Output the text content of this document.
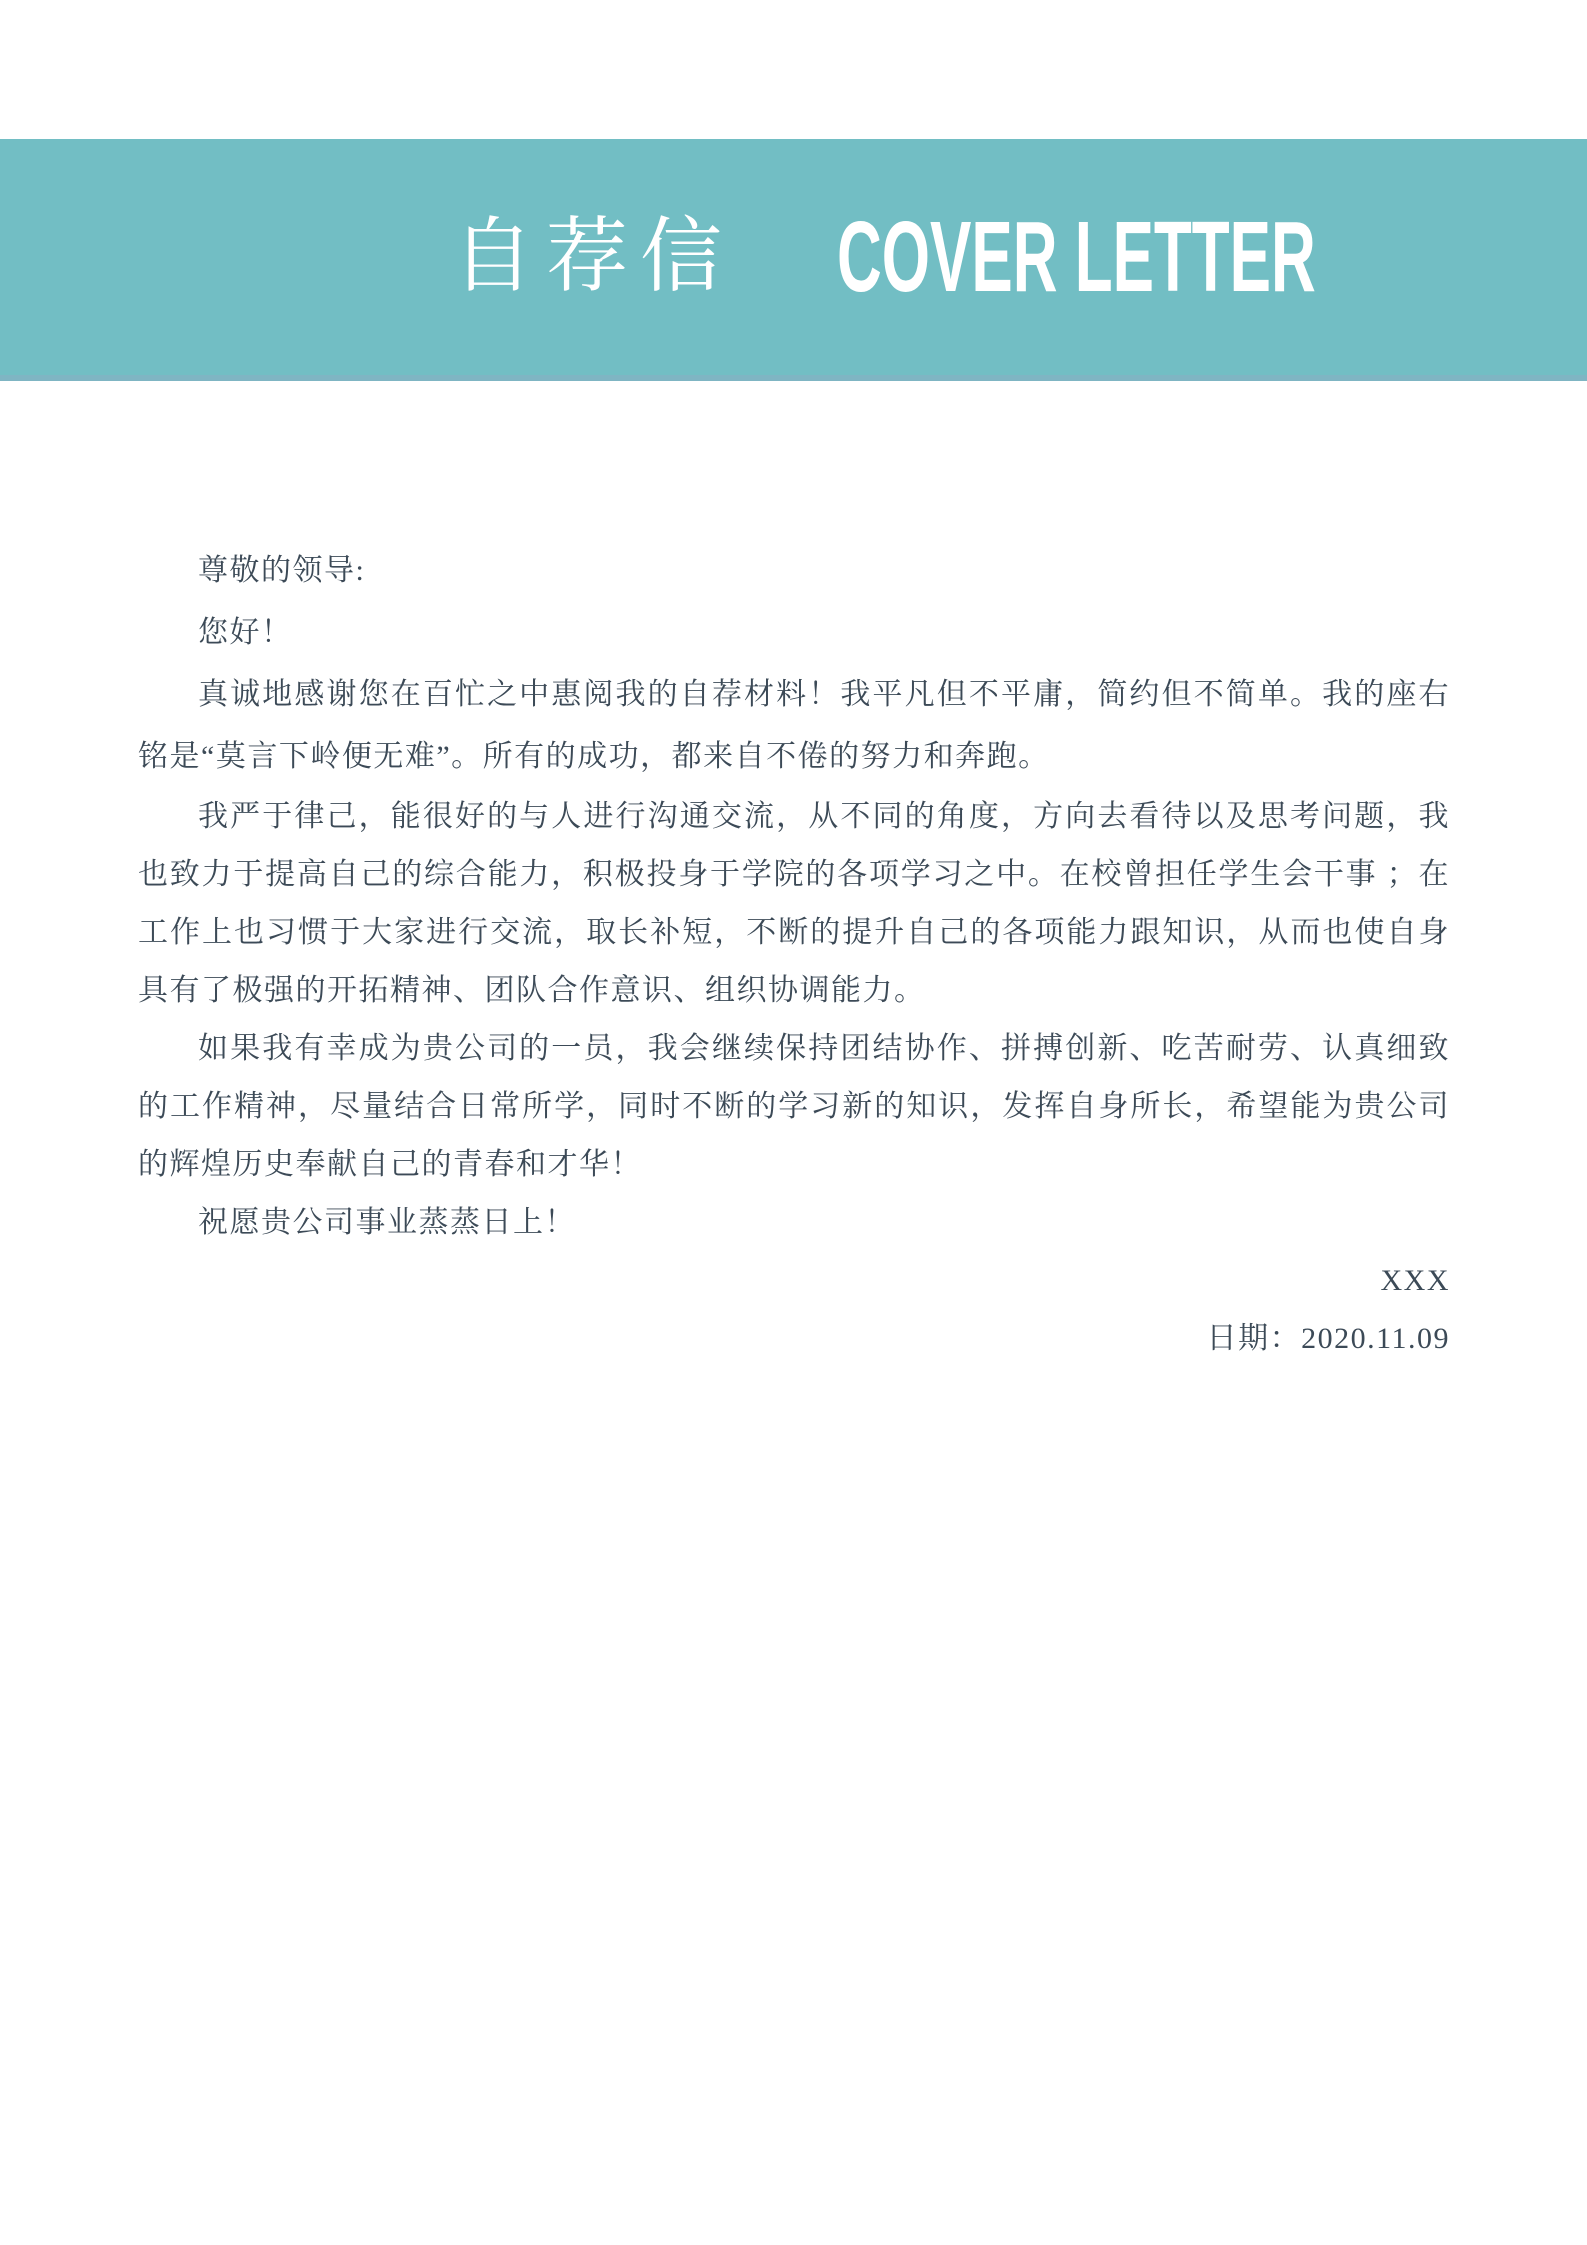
自荐信 COVER LETTER

尊敬的领导:

您好！

真诚地感谢您在百忙之中惠阅我的自荐材料！我平凡但不平庸，简约但不简单。我的座右铭是“莫言下岭便无难”。所有的成功，都来自不倦的努力和奔跑。

我严于律己，能很好的与人进行沟通交流，从不同的角度，方向去看待以及思考问题，我也致力于提高自己的综合能力，积极投身于学院的各项学习之中。在校曾担任学生会干事 ；在工作上也习惯于大家进行交流，取长补短，不断的提升自己的各项能力跟知识，从而也使自身具有了极强的开拓精神、团队合作意识、组织协调能力。

如果我有幸成为贵公司的一员，我会继续保持团结协作、拼搏创新、吃苦耐劳、认真细致的工作精神，尽量结合日常所学，同时不断的学习新的知识，发挥自身所长，希望能为贵公司的辉煌历史奉献自己的青春和才华！

祝愿贵公司事业蒸蒸日上！

XXX

日期：2020.11.09
